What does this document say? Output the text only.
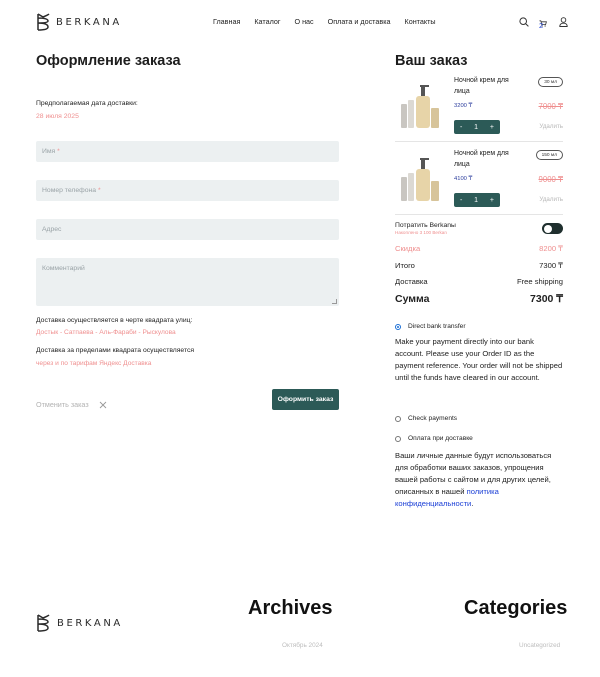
BERKANA	Главная Каталог О нас Оплата и доставка Контакты	2
Оформление заказа
Предполагаемая дата доставки:
28 июля 2025
Имя *
Номер телефона *
Адрес
Комментарий
Доставка осуществляется в черте квадрата улиц:
Достык - Сатпаева - Аль-Фараби - Рыскулова
Доставка за пределами квадрата осуществляется
через и по тарифам Яндекс Доставка
Отменить заказ
Оформить заказ
Ваш заказ
Ночной крем для лица
3200 ₸
30 мл
7000 ₸
- 1 +	Удалить
Ночной крем для лица
4100 ₸
150 мл
9000 ₸
- 1 +	Удалить
Потратить Berkanы
Накоплено 3 100 Berkan
Скидка	8200 ₸
Итого	7300 ₸
Доставка	Free shipping
Сумма	7300 ₸
Direct bank transfer
Make your payment directly into our bank account. Please use your Order ID as the payment reference. Your order will not be shipped until the funds have cleared in our account.
Check payments
Оплата при доставке
Ваши личные данные будут использоваться для обработки ваших заказов, упрощения вашей работы с сайтом и для других целей, описанных в нашей политика конфиденциальности.
BERKANA
Archives
Октябрь 2024
Categories
Uncategorized
